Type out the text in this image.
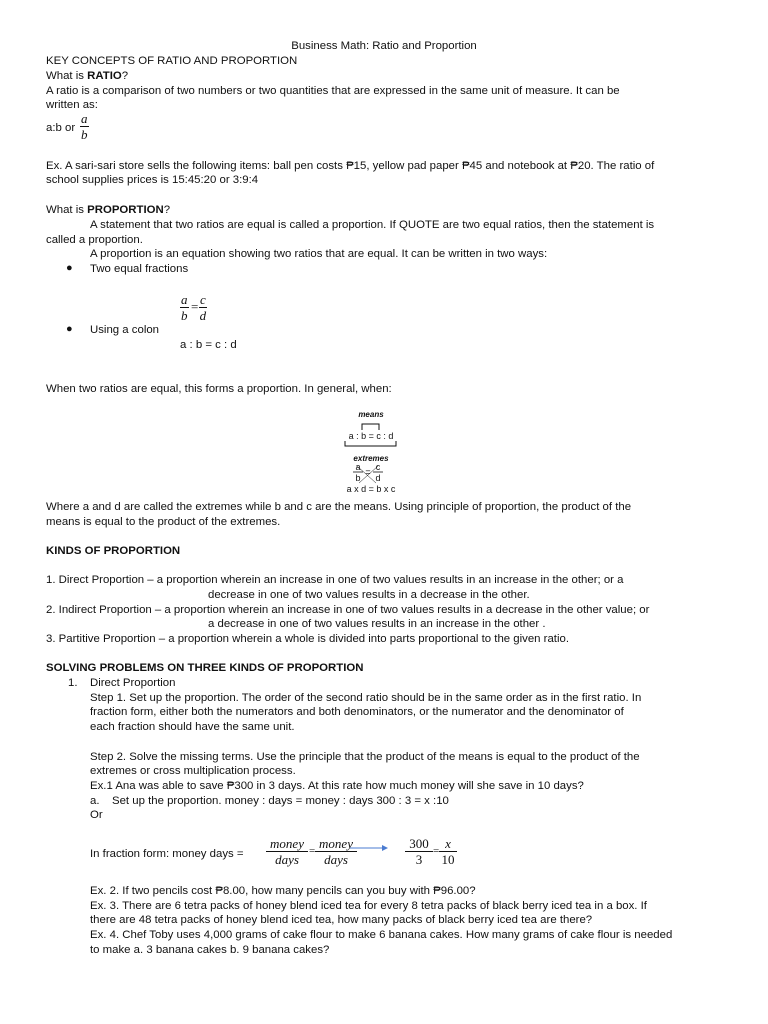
Business Math: Ratio and Proportion
KEY CONCEPTS OF RATIO AND PROPORTION
What is RATIO?
A ratio is a comparison of two numbers or two quantities that are expressed in the same unit of measure. It can be
written as:
a:b or $\frac{a}{b}$
Ex. A sari-sari store sells the following items: ball pen costs ₱15, yellow pad paper ₱45 and notebook at ₱20. The ratio of
school supplies prices is 15:45:20 or 3:9:4
What is PROPORTION?
A statement that two ratios are equal is called a proportion. If QUOTE are two equal ratios, then the statement is
called a proportion.
A proportion is an equation showing two ratios that are equal. It can be written in two ways:
● Two equal fractions
$\frac{a}{b} = \frac{c}{d}$
● Using a colon
a : b = c : d
When two ratios are equal, this forms a proportion. In general, when:
means
a : b = c : d
extremes
a
b
= c
d
a x d = b x c
Where a and d are called the extremes while b and c are the means. Using principle of proportion, the product of the
means is equal to the product of the extremes.
KINDS OF PROPORTION
1. Direct Proportion – a proportion wherein an increase in one of two values results in an increase in the other; or a
decrease in one of two values results in a decrease in the other.
2. Indirect Proportion – a proportion wherein an increase in one of two values results in a decrease in the other value; or
a decrease in one of two values results in an increase in the other .
3. Partitive Proportion – a proportion wherein a whole is divided into parts proportional to the given ratio.
SOLVING PROBLEMS ON THREE KINDS OF PROPORTION
1.	Direct Proportion
Step 1. Set up the proportion. The order of the second ratio should be in the same order as in the first ratio. In
fraction form, either both the numerators and both denominators, or the numerator and the denominator of
each fraction should have the same unit.
Step 2. Solve the missing terms. Use the principle that the product of the means is equal to the product of the
extremes or cross multiplication process.
Ex.1 Ana was able to save ₱300 in 3 days. At this rate how much money will she save in 10 days?
a.	Set up the proportion. money : days = money : days 300 : 3 = x :10
Or
In fraction form: money days =
money
days
= money
days	$\frac{300}{3} = \frac{x}{10}$
Ex. 2. If two pencils cost ₱8.00, how many pencils can you buy with ₱96.00?
Ex. 3. There are 6 tetra packs of honey blend iced tea for every 8 tetra packs of black berry iced tea in a box. If
there are 48 tetra packs of honey blend iced tea, how many packs of black berry iced tea are there?
Ex. 4. Chef Toby uses 4,000 grams of cake flour to make 6 banana cakes. How many grams of cake flour is needed
to make a. 3 banana cakes b. 9 banana cakes?
